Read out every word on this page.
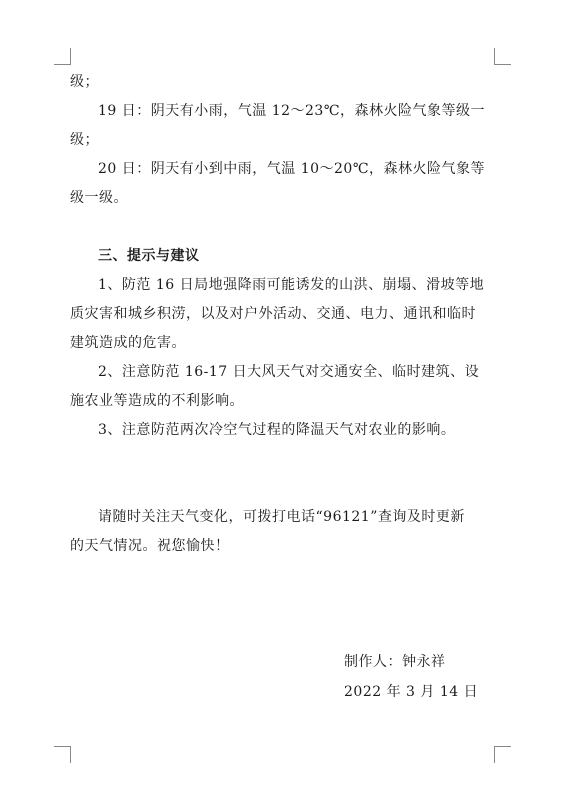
级；
19 日：阴天有小雨，气温 12～23℃，森林火险气象等级一
级；
20 日：阴天有小到中雨，气温 10～20℃，森林火险气象等
级一级。
三、提示与建议
1、防范 16 日局地强降雨可能诱发的山洪、崩塌、滑坡等地
质灾害和城乡积涝，以及对户外活动、交通、电力、通讯和临时
建筑造成的危害。
2、注意防范 16-17 日大风天气对交通安全、临时建筑、设
施农业等造成的不利影响。
3、注意防范两次冷空气过程的降温天气对农业的影响。
请随时关注天气变化，可拨打电话“96121”查询及时更新
的天气情况。祝您愉快！
制作人：钟永祥
2022 年 3 月 14 日
